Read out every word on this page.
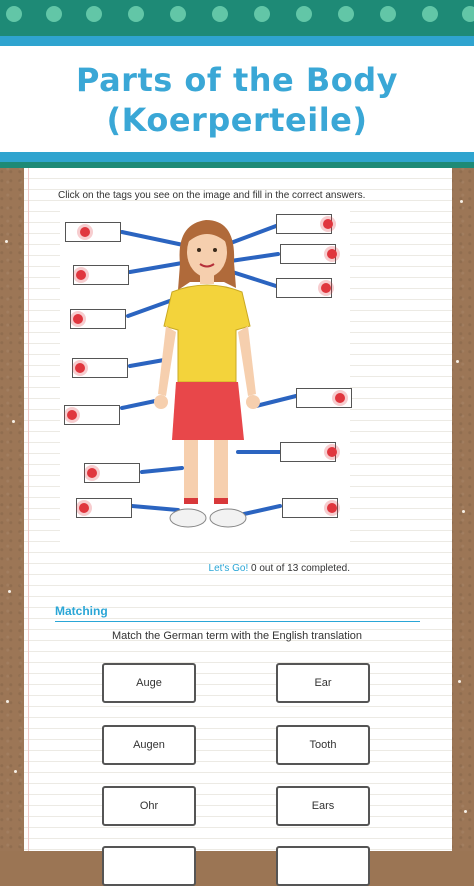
Parts of the Body
(Koerperteile)
Click on the tags you see on the image and fill in the correct answers.
Let's Go! 0 out of 13 completed.
Matching
Match the German term with the English translation
Auge	Ear
Augen	Tooth
Ohr	Ears
